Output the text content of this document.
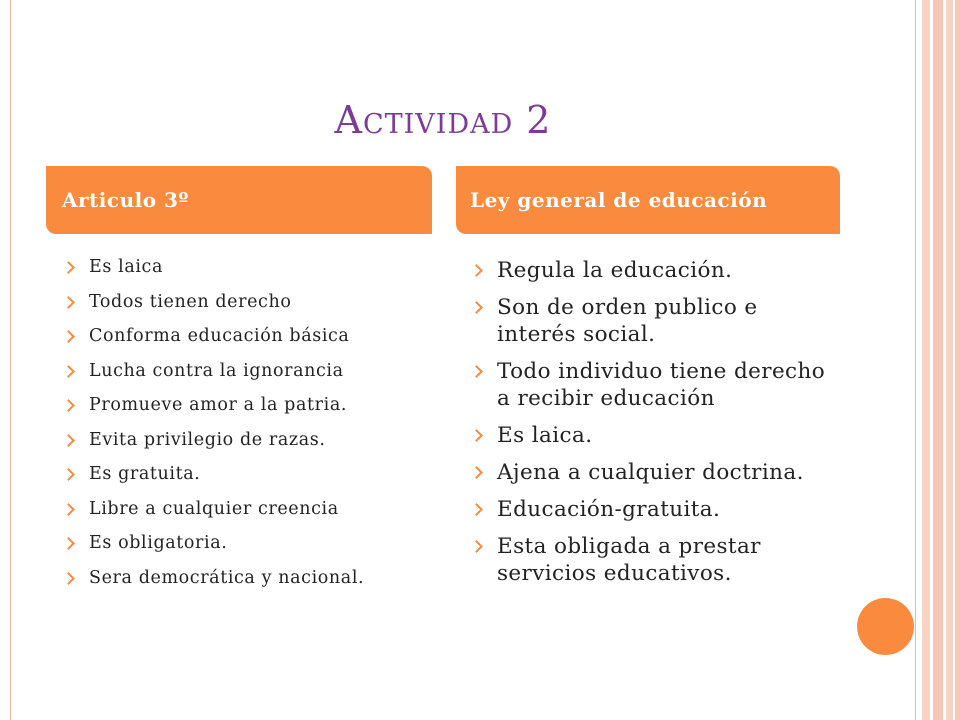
Actividad 2
Articulo 3º	Ley general de educación
Es laica
Todos tienen derecho
Conforma educación básica
Lucha contra la ignorancia
Promueve amor a la patria.
Evita privilegio de razas.
Es gratuita.
Libre a cualquier creencia
Es obligatoria.
Sera democrática y nacional.
Regula la educación.
Son de orden publico e interés social.
Todo individuo tiene derecho a recibir educación
Es laica.
Ajena a cualquier doctrina.
Educación-gratuita.
Esta obligada a prestar servicios educativos.
